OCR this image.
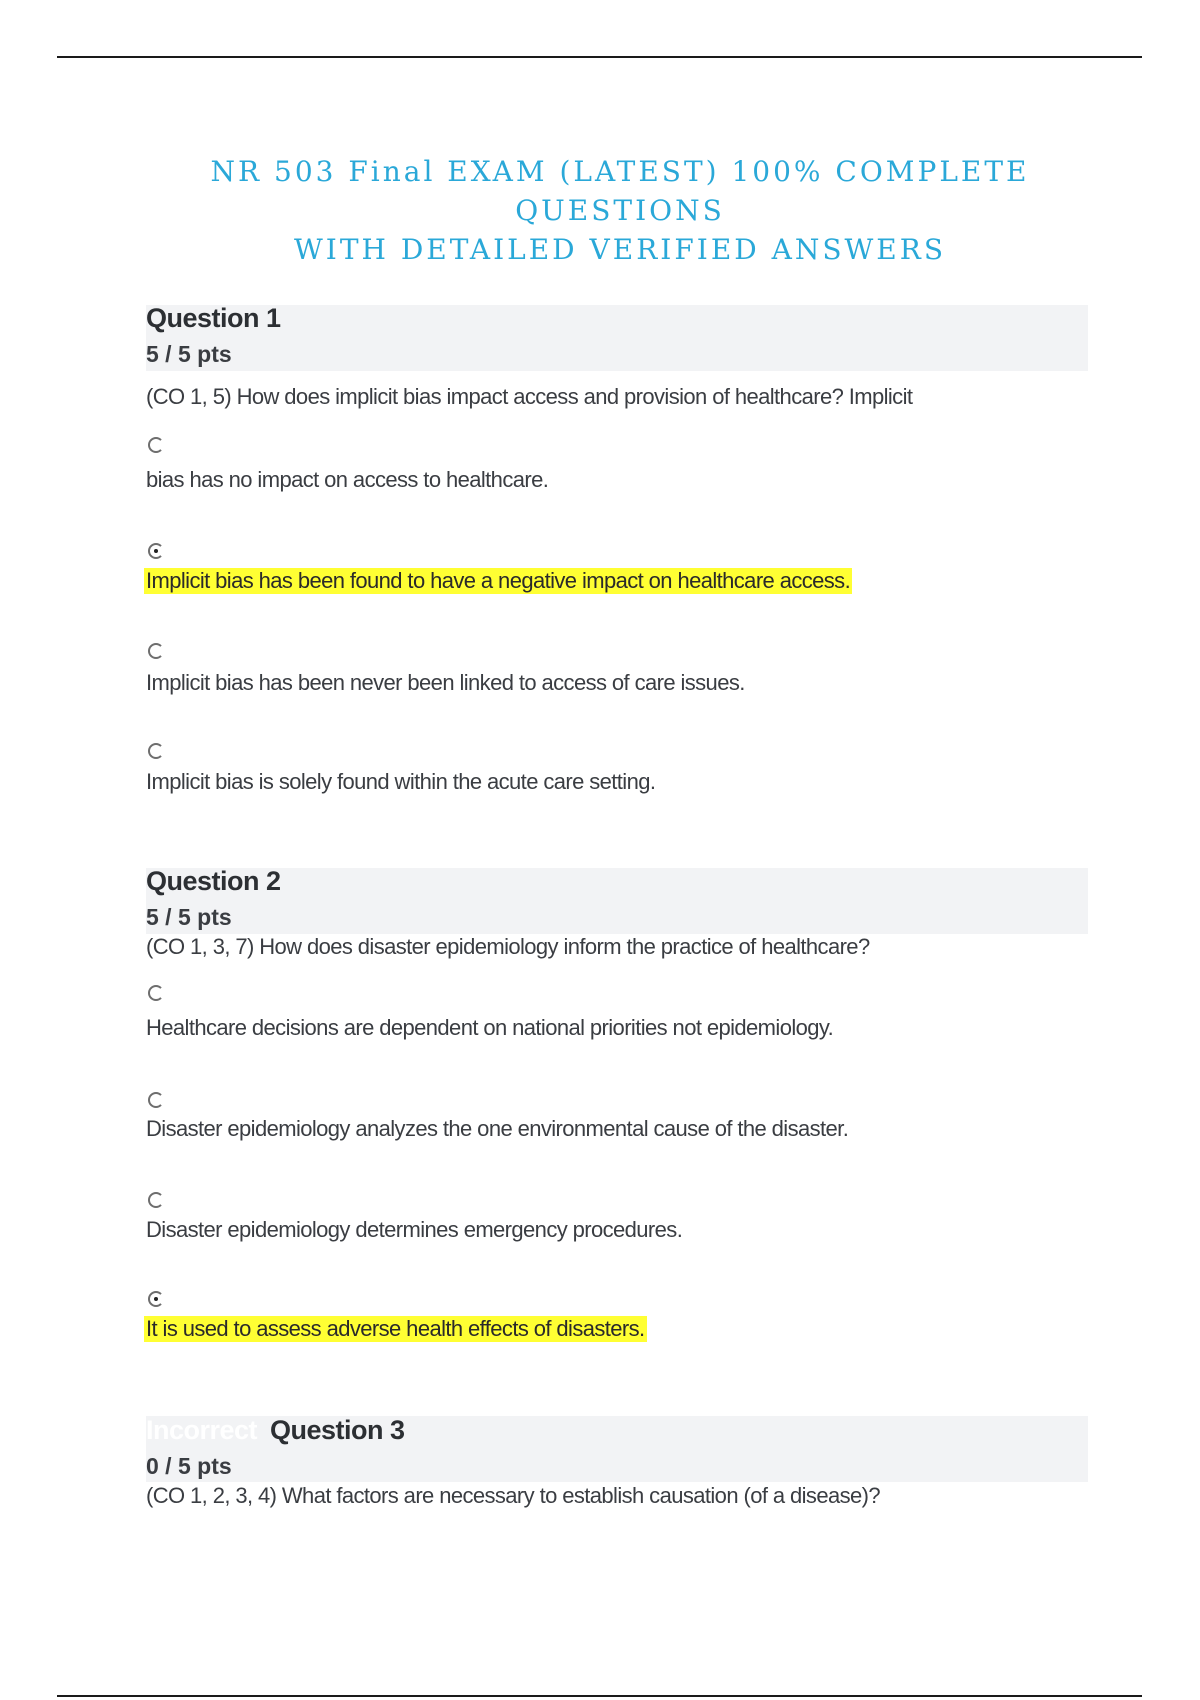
NR 503 Final EXAM (LATEST) 100% COMPLETE QUESTIONS
WITH DETAILED VERIFIED ANSWERS
Question 1
5 / 5 pts
(CO 1, 5) How does implicit bias impact access and provision of healthcare? Implicit
bias has no impact on access to healthcare.
Implicit bias has been found to have a negative impact on healthcare access.
Implicit bias has been never been linked to access of care issues.
Implicit bias is solely found within the acute care setting.
Question 2
5 / 5 pts
(CO 1, 3, 7) How does disaster epidemiology inform the practice of healthcare?
Healthcare decisions are dependent on national priorities not epidemiology.
Disaster epidemiology analyzes the one environmental cause of the disaster.
Disaster epidemiology determines emergency procedures.
It is used to assess adverse health effects of disasters.
Incorrect Question 3
0 / 5 pts
(CO 1, 2, 3, 4) What factors are necessary to establish causation (of a disease)?
